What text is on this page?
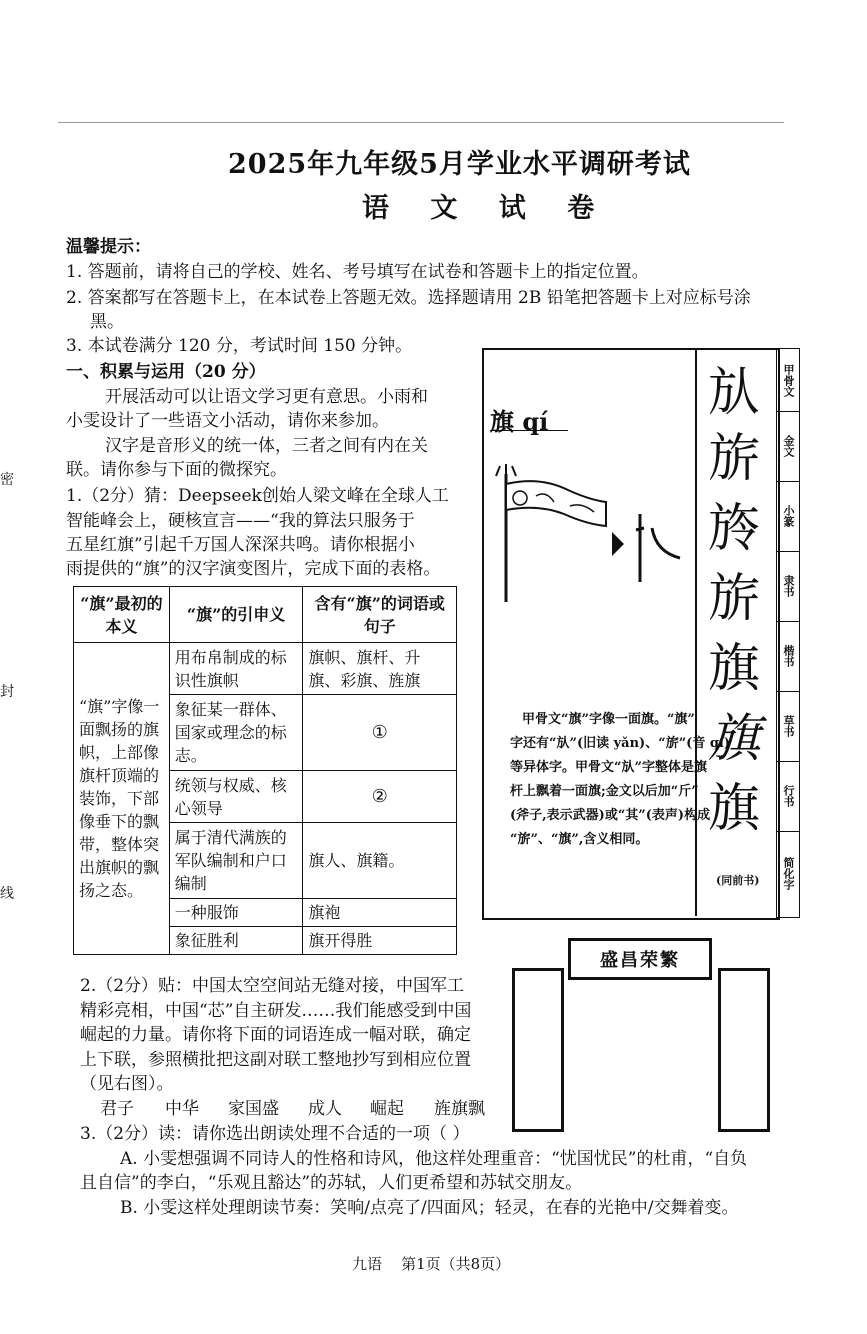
2025年九年级5月学业水平调研考试
语 文 试 卷
密
封
线
温馨提示：
1. 答题前，请将自己的学校、姓名、考号填写在试卷和答题卡上的指定位置。
2. 答案都写在答题卡上，在本试卷上答题无效。选择题请用 2B 铅笔把答题卡上对应标号涂
黑。
3. 本试卷满分 120 分，考试时间 150 分钟。
一、积累与运用（20 分）
开展活动可以让语文学习更有意思。小雨和
小雯设计了一些语文小活动，请你来参加。
汉字是音形义的统一体，三者之间有内在关
联。请你参与下面的微探究。
1.（2分）猜：Deepseek创始人梁文峰在全球人工
智能峰会上，硬核宣言——“我的算法只服务于
五星红旗”引起千万国人深深共鸣。请你根据小
雨提供的“旗”的汉字演变图片，完成下面的表格。
“旗”最初的本义	“旗”的引申义	含有“旗”的词语或句子
“旗”字像一面飘扬的旗帜，上部像旗杆顶端的装饰，下部像垂下的飘带，整体突出旗帜的飘扬之态。	用布帛制成的标识性旗帜	旗帜、旗杆、升旗、彩旗、旌旗
	象征某一群体、国家或理念的标志。	①
	统领与权威、核心领导	②
	属于清代满族的军队编制和户口编制	旗人、旗籍。
	一种服饰	旗袍
	象征胜利	旗开得胜
旗 qí	㫃
旂
旍
旂
旗
旗
旗
甲骨文
金文
小篆
隶书
楷书
草书
行书
简化字
甲骨文“旗”字像一面旗。“旗”
字还有“㫃”(旧读 yǎn)、“旂”(音 qí)
等异体字。甲骨文“㫃”字整体是旗
杆上飘着一面旗;金文以后加“斤”
(斧子,表示武器)或“其”(表声)构成
“旂”、“旗”,含义相同。
(同前书)
2.（2分）贴：中国太空空间站无缝对接，中国军工
精彩亮相，中国“芯”自主研发……我们能感受到中国
崛起的力量。请你将下面的词语连成一幅对联，确定
上下联，参照横批把这副对联工整地抄写到相应位置
（见右图）。
君子 中华 家国盛 成人 崛起 旌旗飘
盛昌荣繁
3.（2分）读：请你选出朗读处理不合适的一项（ ）
A. 小雯想强调不同诗人的性格和诗风，他这样处理重音：“忧国忧民”的杜甫，“自负
且自信”的李白，“乐观且豁达”的苏轼，人们更希望和苏轼交朋友。
B. 小雯这样处理朗读节奏：笑响/点亮了/四面风；轻灵，在春的光艳中/交舞着变。
九语    第1页（共8页）
